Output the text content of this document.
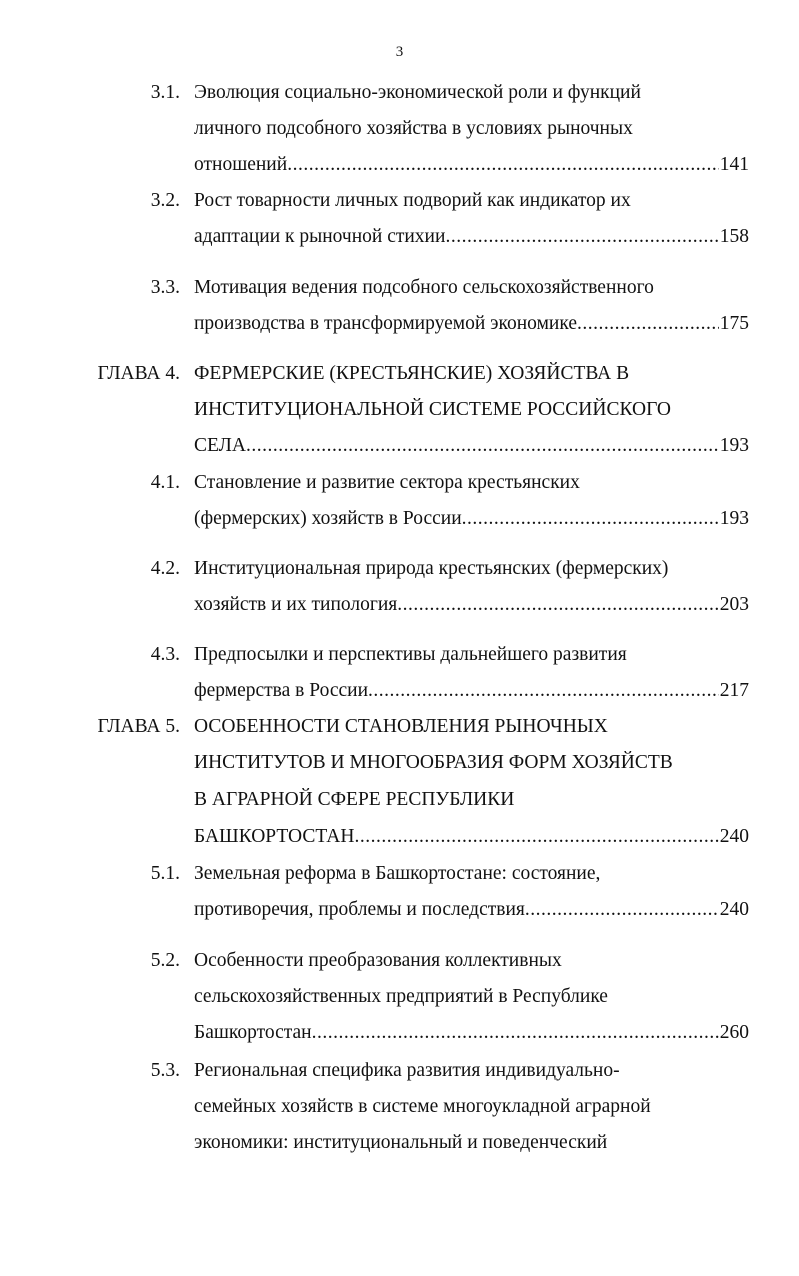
3
3.1. Эволюция социально-экономической роли и функций
личного подсобного хозяйства в условиях рыночных
отношений .....	141
3.2. Рост товарности личных подворий как индикатор их
адаптации к рыночной стихии .....	158
3.3. Мотивация ведения подсобного сельскохозяйственного
производства в трансформируемой экономике .....	175
ГЛАВА 4. ФЕРМЕРСКИЕ (КРЕСТЬЯНСКИЕ) ХОЗЯЙСТВА В
ИНСТИТУЦИОНАЛЬНОЙ СИСТЕМЕ РОССИЙСКОГО
СЕЛА .....	193
4.1. Становление и развитие сектора крестьянских
(фермерских) хозяйств в России .....	193
4.2. Институциональная природа крестьянских (фермерских)
хозяйств и их типология .....	203
4.3. Предпосылки и перспективы дальнейшего развития
фермерства в России .....	217
ГЛАВА 5. ОСОБЕННОСТИ СТАНОВЛЕНИЯ РЫНОЧНЫХ
ИНСТИТУТОВ И МНОГООБРАЗИЯ ФОРМ ХОЗЯЙСТВ
В АГРАРНОЙ СФЕРЕ РЕСПУБЛИКИ
БАШКОРТОСТАН .....	240
5.1. Земельная реформа в Башкортостане: состояние,
противоречия, проблемы и последствия .....	240
5.2. Особенности преобразования коллективных
сельскохозяйственных предприятий в Республике
Башкортостан .....	260
5.3. Региональная специфика развития индивидуально-
семейных хозяйств в системе многоукладной аграрной
экономики: институциональный и поведенческий
